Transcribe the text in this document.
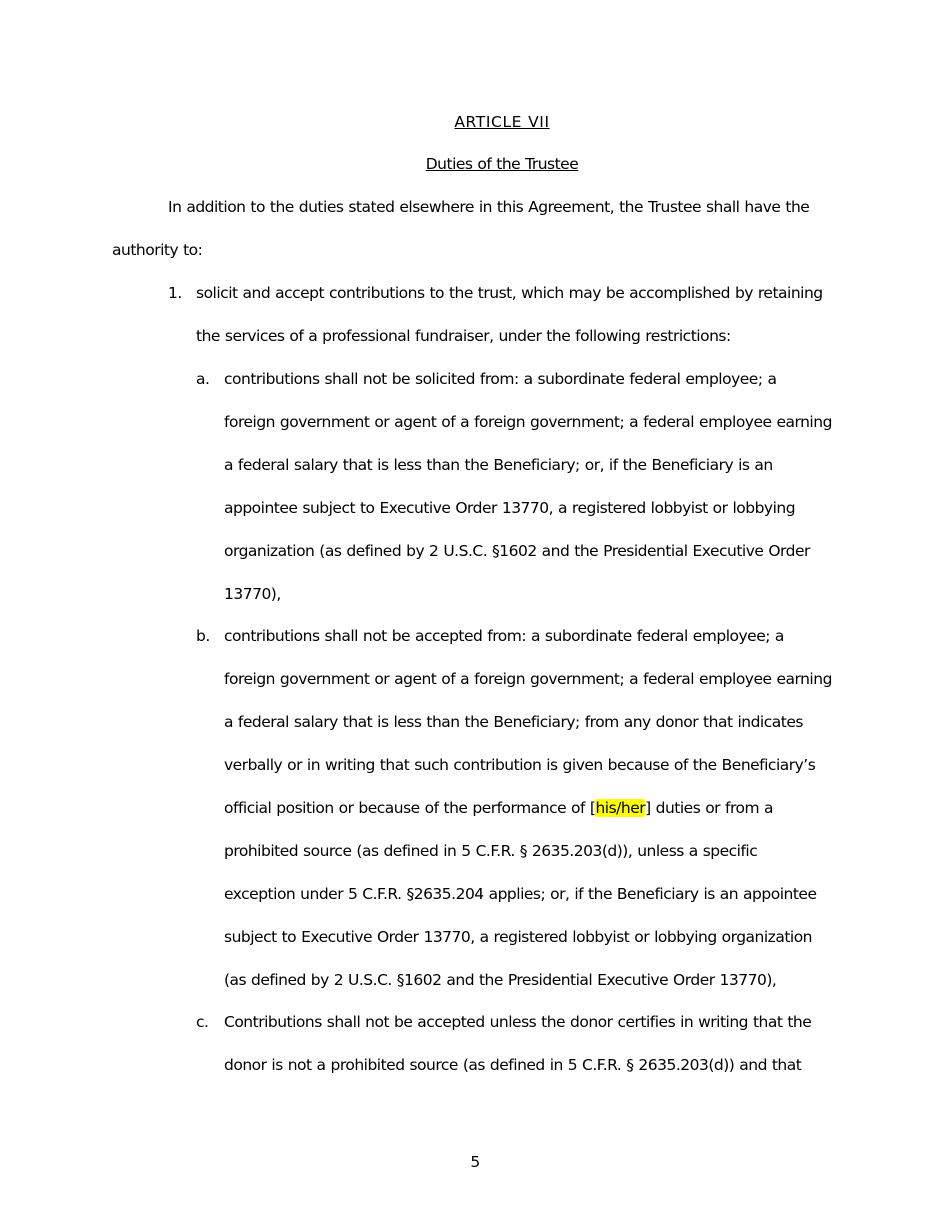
ARTICLE VII
Duties of the Trustee
In addition to the duties stated elsewhere in this Agreement, the Trustee shall have the
authority to:
1. solicit and accept contributions to the trust, which may be accomplished by retaining
the services of a professional fundraiser, under the following restrictions:
a. contributions shall not be solicited from: a subordinate federal employee; a
foreign government or agent of a foreign government; a federal employee earning
a federal salary that is less than the Beneficiary; or, if the Beneficiary is an
appointee subject to Executive Order 13770, a registered lobbyist or lobbying
organization (as defined by 2 U.S.C. §1602 and the Presidential Executive Order
13770),
b. contributions shall not be accepted from: a subordinate federal employee; a
foreign government or agent of a foreign government; a federal employee earning
a federal salary that is less than the Beneficiary; from any donor that indicates
verbally or in writing that such contribution is given because of the Beneficiary’s
official position or because of the performance of [his/her] duties or from a
prohibited source (as defined in 5 C.F.R. § 2635.203(d)), unless a specific
exception under 5 C.F.R. §2635.204 applies; or, if the Beneficiary is an appointee
subject to Executive Order 13770, a registered lobbyist or lobbying organization
(as defined by 2 U.S.C. §1602 and the Presidential Executive Order 13770),
c. Contributions shall not be accepted unless the donor certifies in writing that the
donor is not a prohibited source (as defined in 5 C.F.R. § 2635.203(d)) and that
5
